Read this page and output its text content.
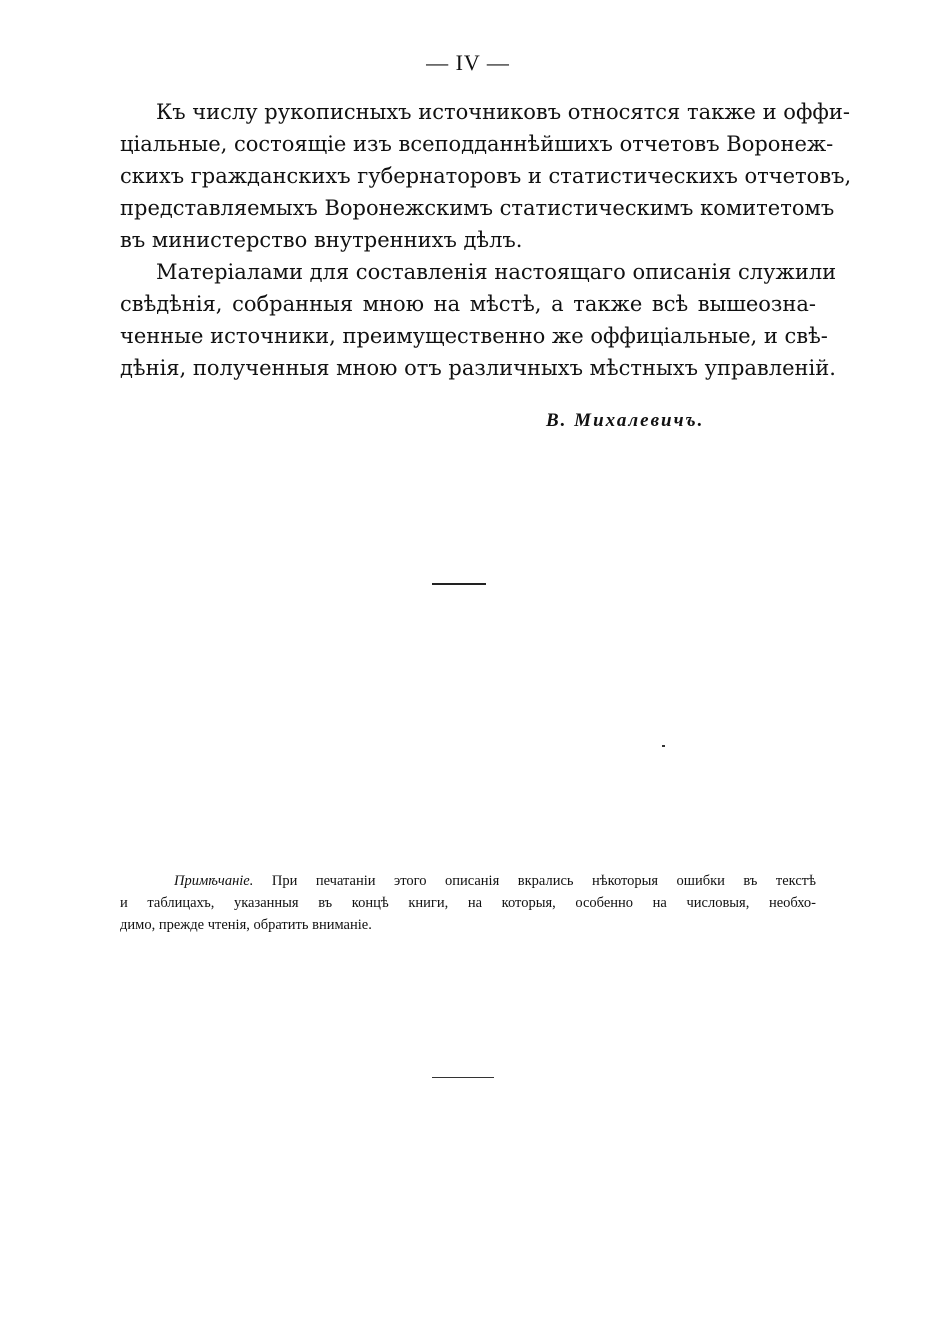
— IV —
Къ числу рукописныхъ источниковъ относятся также и оффи-
ціальные, состоящіе изъ всеподданнѣйшихъ отчетовъ Воронеж-
скихъ гражданскихъ губернаторовъ и статистическихъ отчетовъ,
представляемыхъ Воронежскимъ статистическимъ комитетомъ
въ министерство внутреннихъ дѣлъ.
Матеріалами для составленія настоящаго описанія служили
свѣдѣнія, собранныя мною на мѣстѣ, а также всѣ вышеозна-
ченные источники, преимущественно же оффиціальные, и свѣ-
дѣнія, полученныя мною отъ различныхъ мѣстныхъ управленій.
В. Михалевичъ.
Примѣчаніе. При печатаніи этого описанія вкрались нѣкоторыя ошибки въ текстѣ
и таблицахъ, указанныя въ концѣ книги, на которыя, особенно на числовыя, необхо-
димо, прежде чтенія, обратить вниманіе.
